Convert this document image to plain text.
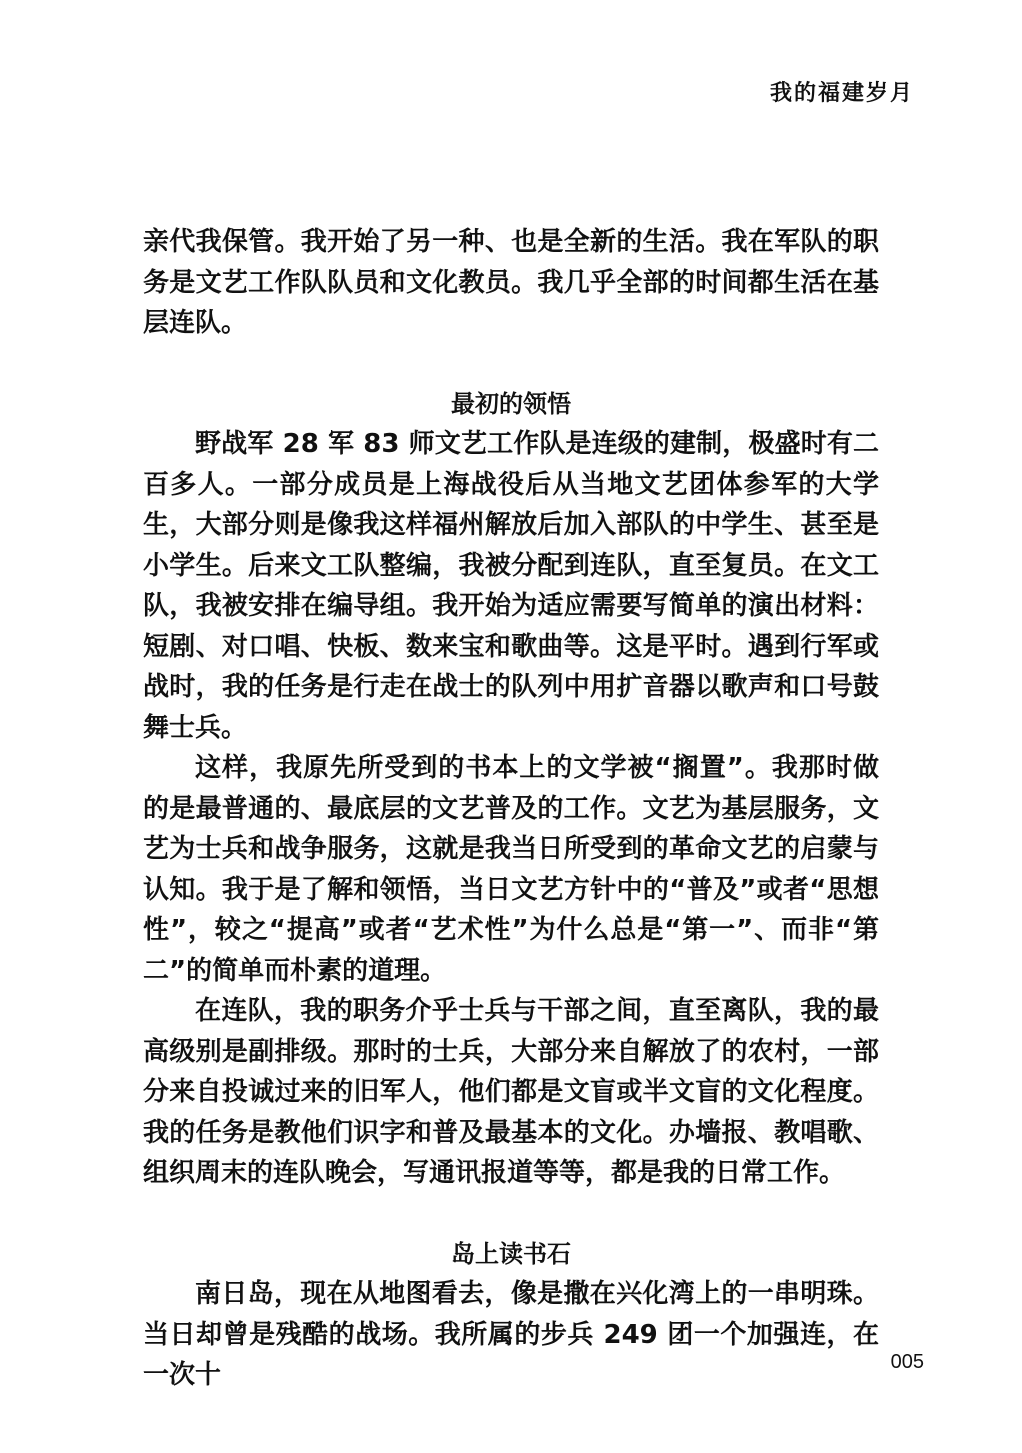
我的福建岁月

亲代我保管。我开始了另一种、也是全新的生活。我在军队的职务是文艺工作队队员和文化教员。我几乎全部的时间都生活在基层连队。

最初的领悟

野战军 28 军 83 师文艺工作队是连级的建制，极盛时有二百多人。一部分成员是上海战役后从当地文艺团体参军的大学生，大部分则是像我这样福州解放后加入部队的中学生、甚至是小学生。后来文工队整编，我被分配到连队，直至复员。在文工队，我被安排在编导组。我开始为适应需要写简单的演出材料：短剧、对口唱、快板、数来宝和歌曲等。这是平时。遇到行军或战时，我的任务是行走在战士的队列中用扩音器以歌声和口号鼓舞士兵。

这样，我原先所受到的书本上的文学被“搁置”。我那时做的是最普通的、最底层的文艺普及的工作。文艺为基层服务，文艺为士兵和战争服务，这就是我当日所受到的革命文艺的启蒙与认知。我于是了解和领悟，当日文艺方针中的“普及”或者“思想性”，较之“提高”或者“艺术性”为什么总是“第一”、而非“第二”的简单而朴素的道理。

在连队，我的职务介乎士兵与干部之间，直至离队，我的最高级别是副排级。那时的士兵，大部分来自解放了的农村，一部分来自投诚过来的旧军人，他们都是文盲或半文盲的文化程度。我的任务是教他们识字和普及最基本的文化。办墙报、教唱歌、组织周末的连队晚会，写通讯报道等等，都是我的日常工作。

岛上读书石

南日岛，现在从地图看去，像是撒在兴化湾上的一串明珠。当日却曾是残酷的战场。我所属的步兵 249 团一个加强连，在一次十	005
